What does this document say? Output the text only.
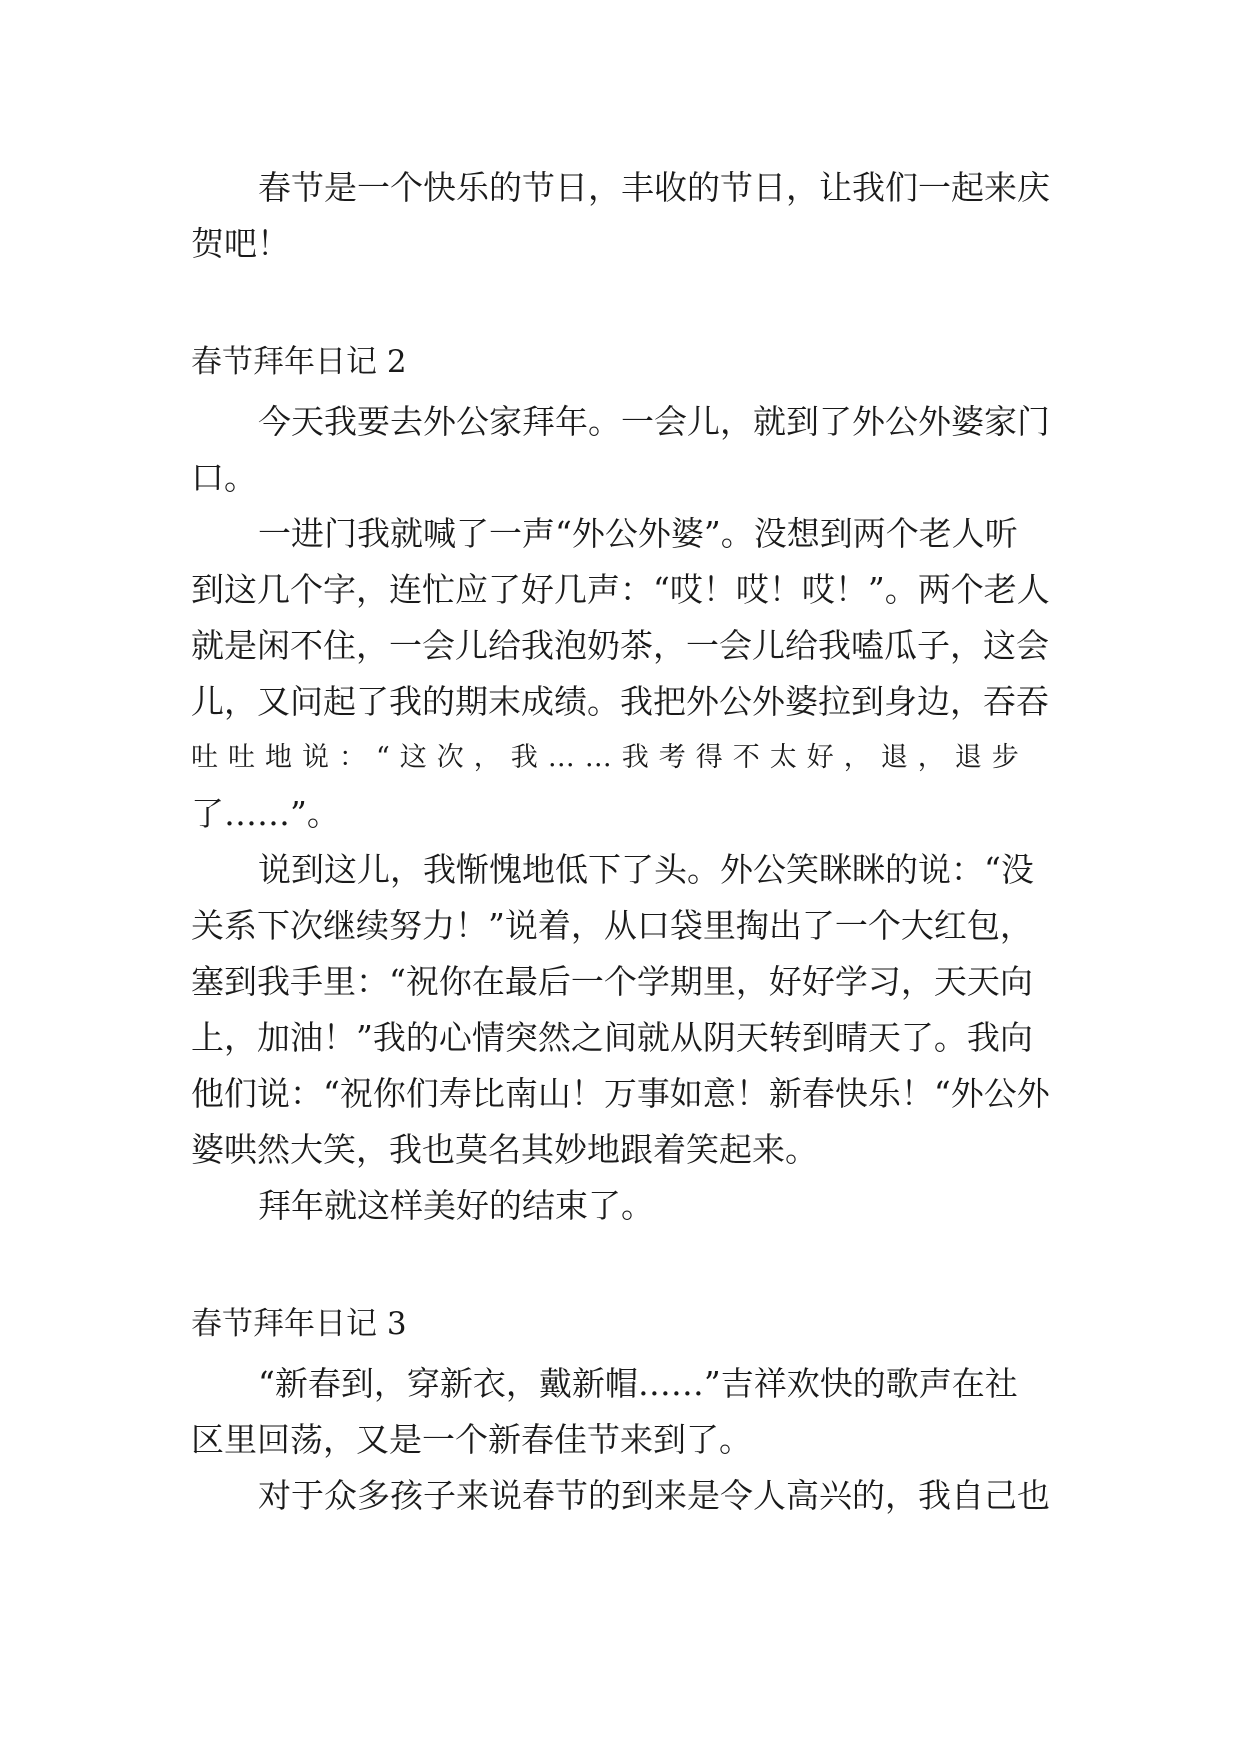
春节是一个快乐的节日，丰收的节日，让我们一起来庆

贺吧！

春节拜年日记 2

今天我要去外公家拜年。一会儿，就到了外公外婆家门

口。

一进门我就喊了一声“外公外婆”。没想到两个老人听

到这几个字，连忙应了好几声：“哎！哎！哎！”。两个老人

就是闲不住，一会儿给我泡奶茶，一会儿给我嗑瓜子，这会

儿，又问起了我的期末成绩。我把外公外婆拉到身边，吞吞

吐吐地说：“这次，我……我考得不太好，退，退步

了……”。

说到这儿，我惭愧地低下了头。外公笑眯眯的说：“没

关系下次继续努力！”说着，从口袋里掏出了一个大红包，

塞到我手里：“祝你在最后一个学期里，好好学习，天天向

上，加油！”我的心情突然之间就从阴天转到晴天了。我向

他们说：“祝你们寿比南山！万事如意！新春快乐！“外公外

婆哄然大笑，我也莫名其妙地跟着笑起来。

拜年就这样美好的结束了。

春节拜年日记 3

“新春到，穿新衣，戴新帽……”吉祥欢快的歌声在社

区里回荡，又是一个新春佳节来到了。

对于众多孩子来说春节的到来是令人高兴的，我自己也
